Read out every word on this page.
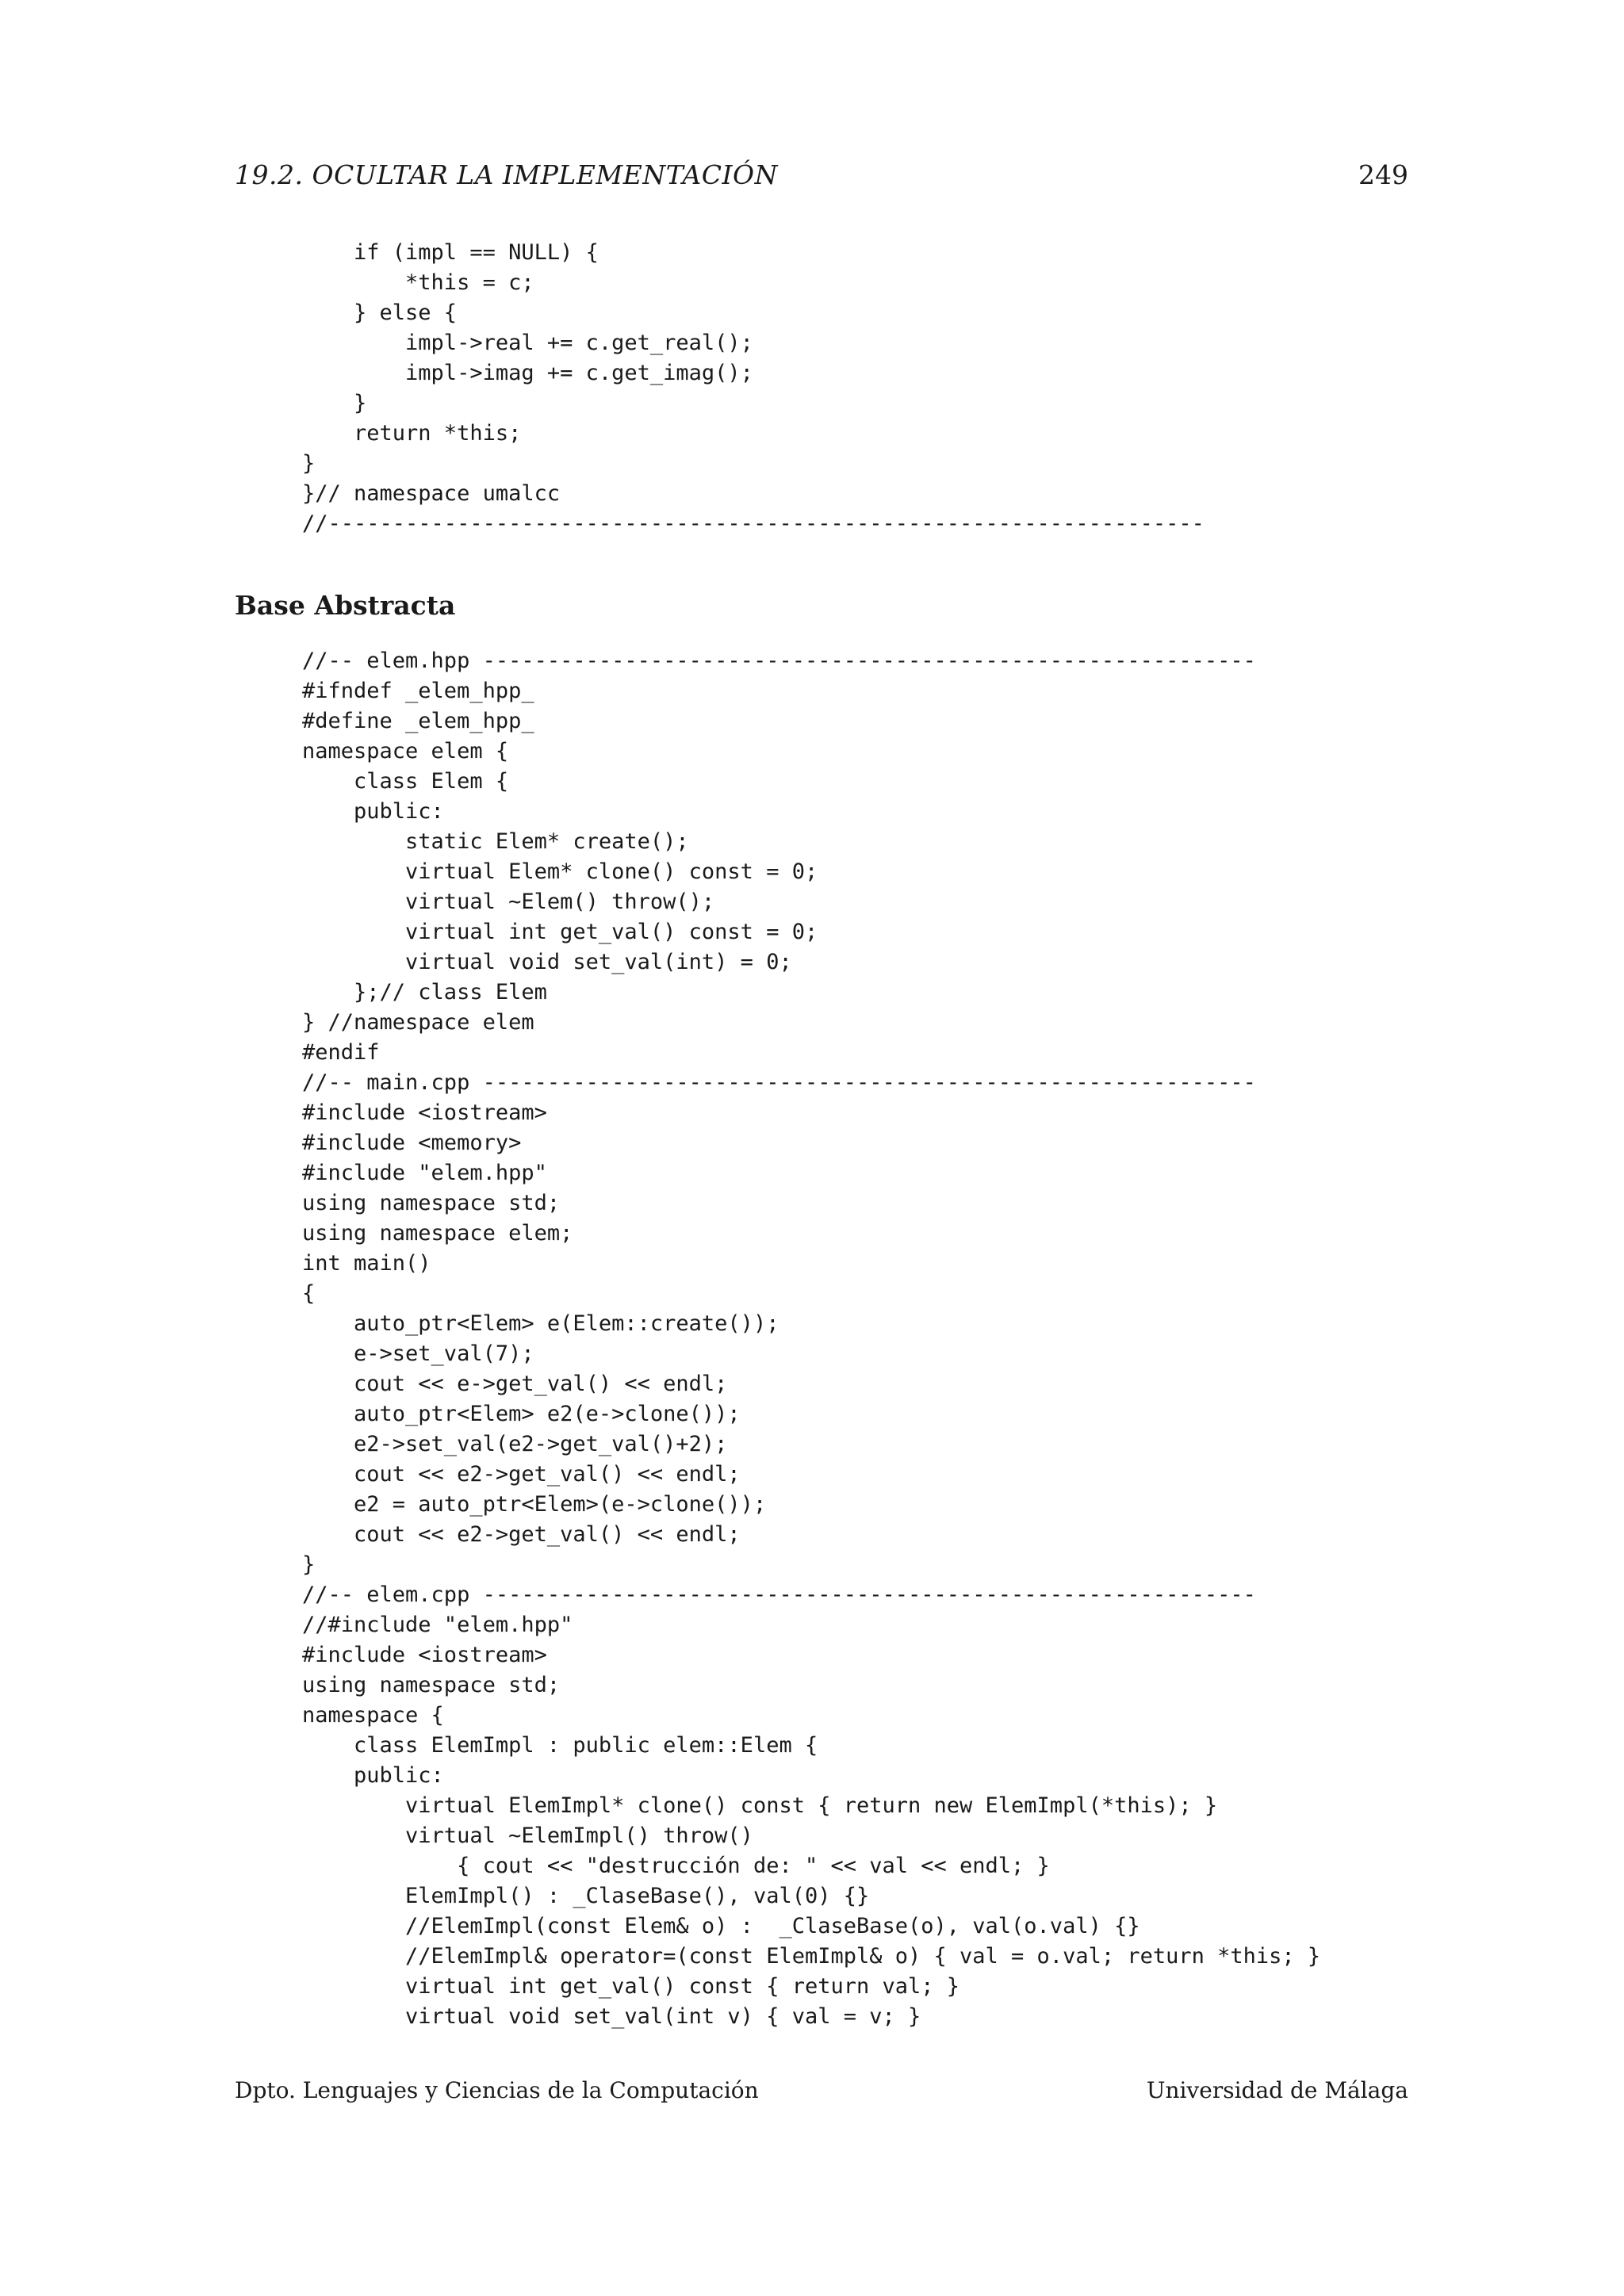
19.2. OCULTAR LA IMPLEMENTACIÓN	249
if (impl == NULL) {
*this = c;
} else {
impl->real += c.get_real();
impl->imag += c.get_imag();
}
return *this;
}
}// namespace umalcc
//--------------------------------------------------------------------
Base Abstracta
//-- elem.hpp ------------------------------------------------------------
#ifndef _elem_hpp_
#define _elem_hpp_
namespace elem {
class Elem {
public:
static Elem* create();
virtual Elem* clone() const = 0;
virtual ~Elem() throw();
virtual int get_val() const = 0;
virtual void set_val(int) = 0;
};// class Elem
} //namespace elem
#endif
//-- main.cpp ------------------------------------------------------------
#include <iostream>
#include <memory>
#include "elem.hpp"
using namespace std;
using namespace elem;
int main()
{
auto_ptr<Elem> e(Elem::create());
e->set_val(7);
cout << e->get_val() << endl;
auto_ptr<Elem> e2(e->clone());
e2->set_val(e2->get_val()+2);
cout << e2->get_val() << endl;
e2 = auto_ptr<Elem>(e->clone());
cout << e2->get_val() << endl;
}
//-- elem.cpp ------------------------------------------------------------
//#include "elem.hpp"
#include <iostream>
using namespace std;
namespace {
class ElemImpl : public elem::Elem {
public:
virtual ElemImpl* clone() const { return new ElemImpl(*this); }
virtual ~ElemImpl() throw()
{ cout << "destrucción de: " << val << endl; }
ElemImpl() : _ClaseBase(), val(0) {}
//ElemImpl(const Elem& o) :  _ClaseBase(o), val(o.val) {}
//ElemImpl& operator=(const ElemImpl& o) { val = o.val; return *this; }
virtual int get_val() const { return val; }
virtual void set_val(int v) { val = v; }
Dpto. Lenguajes y Ciencias de la Computación	Universidad de Málaga
